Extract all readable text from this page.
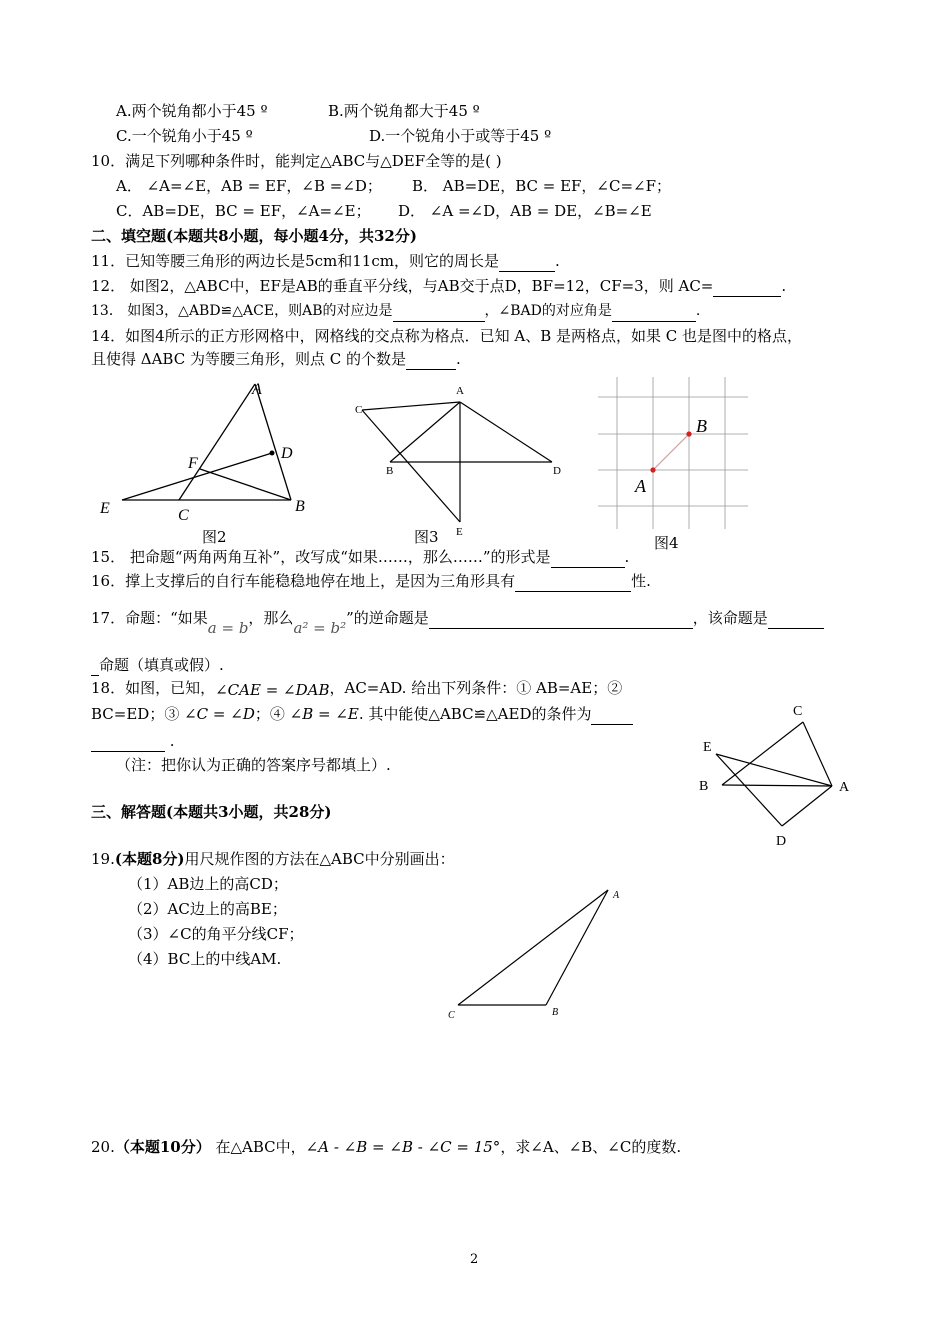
A.两个锐角都小于45 º	B.两个锐角都大于45 º
C.一个锐角小于45 º	D.一个锐角小于或等于45 º
10．满足下列哪种条件时，能判定△ABC与△DEF全等的是( )
A． ∠A=∠E，AB = EF，∠B =∠D； B． AB=DE，BC = EF，∠C=∠F；
C．AB=DE，BC = EF，∠A=∠E； D． ∠A =∠D，AB = DE，∠B=∠E
二、填空题(本题共8小题，每小题4分，共32分)
11．已知等腰三角形的两边长是5cm和11cm，则它的周长是	.
12． 如图2，△ABC中，EF是AB的垂直平分线，与AB交于点D，BF=12，CF=3，则 AC=	.
13． 如图3，△ABD≌△ACE，则AB的对应边是	，∠BAD的对应角是	.
14．如图4所示的正方形网格中，网格线的交点称为格点．已知 A、B 是两格点，如果 C 也是图中的格点，
且使得 ΔABC 为等腰三角形，则点 C 的个数是	.
A
D
F
E	C
B
图2
A
C
B	D
E
图3
B
A
图4
15． 把命题“两角两角互补”，改写成“如果……，那么……”的形式是	.
16．撑上支撑后的自行车能稳稳地停在地上，是因为三角形具有	性.
17．命题：“如果a = b，那么a² = b²”的逆命题是	，该命题是
命题（填真或假）.
18．如图，已知，∠CAE = ∠DAB，AC=AD. 给出下列条件：① AB=AE；②
BC=ED；③ ∠C = ∠D；④ ∠B = ∠E. 其中能使△ABC≌△AED的条件为
.
（注：把你认为正确的答案序号都填上）.
C
E
B	A
D
三、解答题(本题共3小题，共28分)
19.(本题8分)用尺规作图的方法在△ABC中分别画出：
（1）AB边上的高CD；
（2）AC边上的高BE；
（3）∠C的角平分线CF；
（4）BC上的中线AM.
A
B
C
20.（本题10分） 在△ABC中，∠A - ∠B = ∠B - ∠C = 15°，求∠A、∠B、∠C的度数.
2
